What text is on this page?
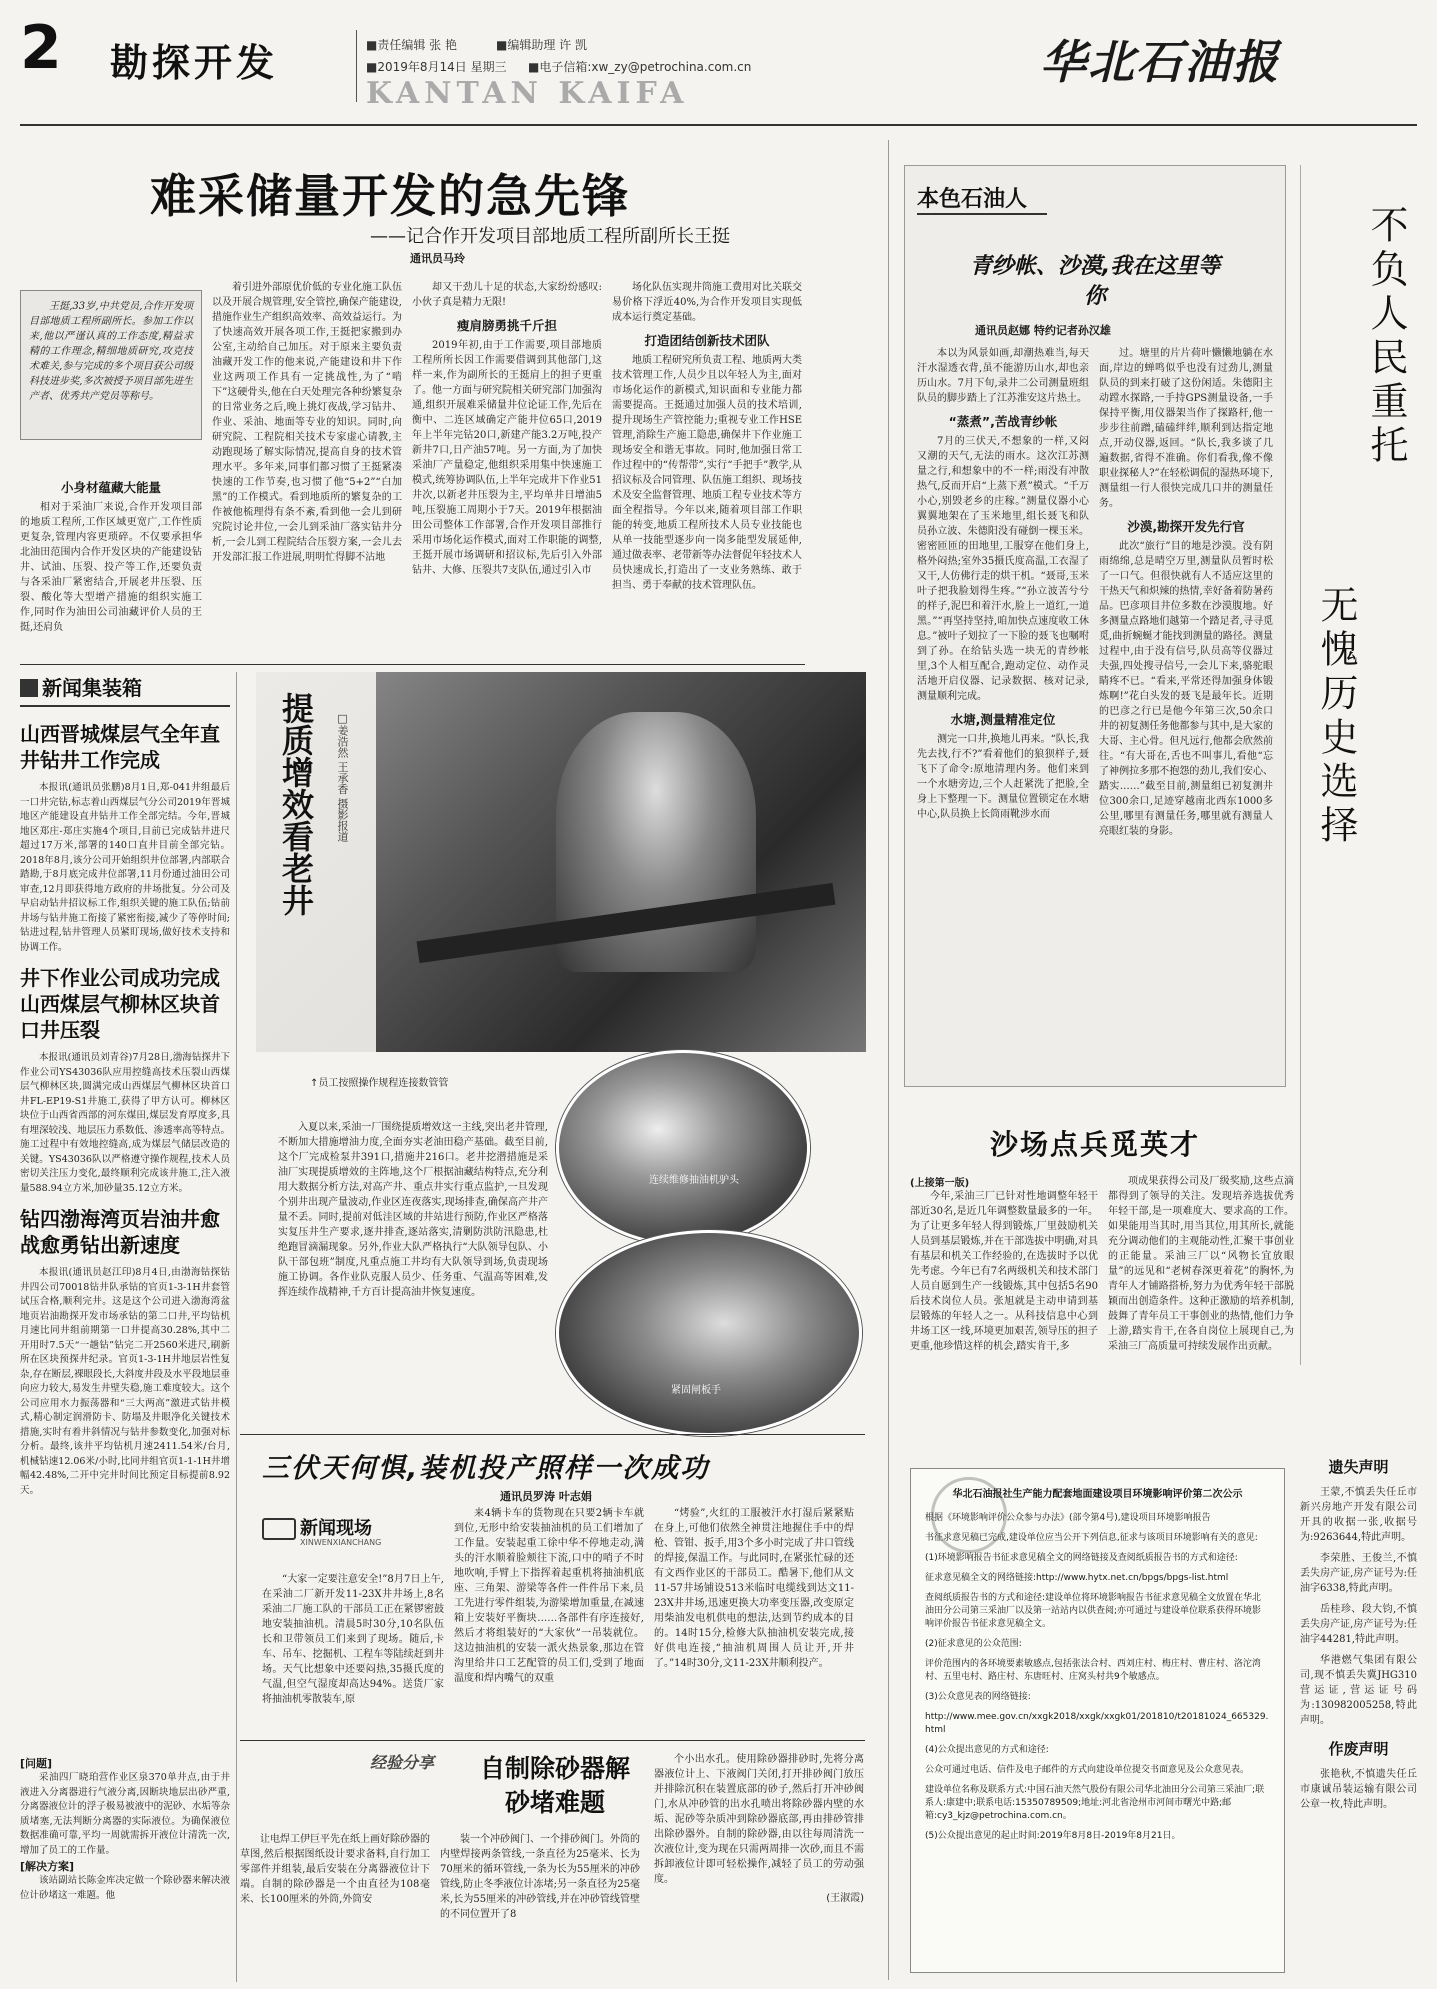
2 勘探开发	■责任编辑 张 艳	■编辑助理 许 凯
■2019年8月14日 星期三 ■电子信箱:xw_zy@petrochina.com.cn
KANTAN KAIFA
华北石油报
难采储量开发的急先锋
——记合作开发项目部地质工程所副所长王挺
通讯员马玲
王挺,33岁,中共党员,合作开发项目部地质工程所副所长。参加工作以来,他以严谨认真的工作态度,精益求精的工作理念,精细地质研究,攻克技术难关,参与完成的多个项目获公司级科技进步奖,多次被授予项目部先进生产者、优秀共产党员等称号。
小身材蕴藏大能量
相对于采油厂来说,合作开发项目部的地质工程所,工作区域更宽广,工作性质更复杂,管理内容更琐碎。不仅要承担华北油田范围内合作开发区块的产能建设钻井、试油、压裂、投产等工作,还要负责与各采油厂紧密结合,开展老井压裂、压裂、酸化等大型增产措施的组织实施工作,同时作为油田公司油藏评价人员的王挺,还肩负
着引进外部原优价低的专业化施工队伍以及开展合规管理,安全管控,确保产能建设,措施作业生产组织高效率、高效益运行。为了快速高效开展各项工作,王挺把家搬到办公室,主动给自己加压。对于原来主要负责油藏开发工作的他来说,产能建设和井下作业这两项工作具有一定挑战性,为了“啃下”这硬骨头,他在白天处理完各种纷繁复杂的日常业务之后,晚上挑灯夜战,学习钻井、作业、采油、地面等专业的知识。同时,向研究院、工程院相关技术专家虚心请教,主动跑现场了解实际情况,提高自身的技术管理水平。多年来,同事们都习惯了王挺紧凑快速的工作节奏,也习惯了他“5+2”“白加黑”的工作模式。看到地质所的繁复杂的工作被他梳理得有条不紊,看到他一会儿到研究院讨论井位,一会儿到采油厂落实钻井分析,一会儿到工程院结合压裂方案,一会儿去开发部汇报工作进展,明明忙得脚不沾地
却又干劲儿十足的状态,大家纷纷感叹:小伙子真是精力无限!
瘦肩膀勇挑千斤担
2019年初,由于工作需要,项目部地质工程所所长因工作需要借调到其他部门,这样一来,作为副所长的王挺肩上的担子更重了。他一方面与研究院相关研究部门加强沟通,组织开展难采储量井位论证工作,先后在衡中、二连区域确定产能井位65口,2019年上半年完钻20口,新建产能3.2万吨,投产新井7口,日产油57吨。另一方面,为了加快采油厂产量稳定,他组织采用集中快速施工模式,统筹协调队伍,上半年完成井下作业51井次,以新老井压裂为主,平均单井日增油5吨,压裂施工周期小于7天。2019年根据油田公司整体工作部署,合作开发项目部推行采用市场化运作模式,面对工作职能的调整,王挺开展市场调研和招议标,先后引入外部钻井、大修、压裂共7支队伍,通过引入市
场化队伍实现井筒施工费用对比关联交易价格下浮近40%,为合作开发项目实现低成本运行奠定基础。
打造团结创新技术团队
地质工程研究所负责工程、地质两大类技术管理工作,人员少且以年轻人为主,面对市场化运作的新模式,知识面和专业能力都需要提高。王挺通过加强人员的技术培训,提升现场生产管控能力;重视专业工作HSE管理,消除生产施工隐患,确保井下作业施工现场安全和谐无事故。同时,他加强日常工作过程中的“传帮带”,实行“手把手”教学,从招议标及合同管理、队伍施工组织、现场技术及安全监督管理、地质工程专业技术等方面全程指导。今年以来,随着项目部工作职能的转变,地质工程所技术人员专业技能也从单一技能型逐步向一岗多能型发展延伸,通过做表率、老带新等办法督促年轻技术人员快速成长,打造出了一支业务熟练、敢于担当、勇于奉献的技术管理队伍。
新闻集装箱
山西晋城煤层气全年直井钻井工作完成
本报讯(通讯员张鹏)8月1日,郑-041井组最后一口井完钻,标志着山西煤层气分公司2019年晋城地区产能建设直井钻井工作全部完结。今年,晋城地区郑庄-郑庄实施4个项目,目前已完成钻井进尺超过17万米,部署的140口直井目前全部完钻。2018年8月,该分公司开始组织井位部署,内部联合踏勘,于8月底完成井位部署,11月份通过油田公司审查,12月即获得地方政府的井场批复。分公司及早启动钻井招议标工作,组织关键的施工队伍;钻前井场与钻井施工衔接了紧密衔接,减少了等停时间;钻进过程,钻井管理人员紧盯现场,做好技术支持和协调工作。
井下作业公司成功完成山西煤层气柳林区块首口井压裂
本报讯(通讯员刘青谷)7月28日,渤海钻探井下作业公司YS43036队应用控缝高技术压裂山西煤层气柳林区块,圆满完成山西煤层气柳林区块首口井FL-EP19-S1井施工,获得了甲方认可。柳林区块位于山西省西部的河东煤田,煤层发育厚度多,具有埋深较浅、地层压力系数低、渗透率高等特点。施工过程中有效地控缝高,成为煤层气储层改造的关键。YS43036队以严格遵守操作规程,技术人员密切关注压力变化,最终顺利完成该井施工,注入液量588.94立方米,加砂量35.12立方米。
钻四渤海湾页岩油井愈战愈勇钻出新速度
本报讯(通讯员赵江印)8月4日,由渤海钻探钻井四公司70018钻井队承钻的官页1-3-1H井套管试压合格,顺利完井。这是这个公司进入渤海湾盆地页岩油勘探开发市场承钻的第二口井,平均钻机月速比同井组前期第一口井提高30.28%,其中二开用时7.5天“一趟钻”钻完二开2560米进尺,刷新所在区块预探井纪录。官页1-3-1H井地层岩性复杂,存在断层,裸眼段长,大斜度井段及水平段地层垂向应力较大,易发生井壁失稳,施工难度较大。这个公司应用水力振荡器和“三大两高”激进式钻井模式,精心制定润滑防卡、防塌及井眼净化关键技术措施,实时有着井斜情况与钻井参数变化,加强对标分析。最终,该井平均钻机月速2411.54米/台月,机械钻速12.06米/小时,比同井组官页1-1-1H井增幅42.48%,二开中完井时间比预定目标提前8.92天。
[问题]
采油四厂晓珀营作业区泉370单井点,由于井液进入分离器进行气液分离,因断块地层出砂严重,分离器液位计的浮子极易被液中的泥砂、水垢等杂质堵塞,无法判断分离器的实际液位。为确保液位数据准确可靠,平均一周就需拆开液位计清洗一次,增加了员工的工作量。
[解决方案]
该站副站长陈金库决定做一个除砂器来解决液位计砂堵这一难题。他
提质增效看老井 □姜浩然 王承香 摄影报道
↑员工按照操作规程连接数管管
连续维修抽油机驴头
紧固闸板手
入夏以来,采油一厂围绕提质增效这一主线,突出老井管理,不断加大措施增油力度,全面夯实老油田稳产基础。截至目前,这个厂完成检泵井391口,措施井216口。老井挖潜措施是采油厂实现提质增效的主阵地,这个厂根据油藏结构特点,充分利用大数据分析方法,对高产井、重点井实行重点监护,一旦发现个别井出现产量波动,作业区连夜落实,现场排查,确保高产井产量不丢。同时,提前对低洼区域的井站进行预防,作业区严格落实复压井生产要求,逐井排查,逐站落实,清剿防洪防汛隐患,杜绝跑冒滴漏现象。另外,作业大队严格执行“大队领导包队、小队干部包班”制度,凡重点施工井均有大队领导到场,负责现场施工协调。各作业队克服人员少、任务重、气温高等困难,发挥连续作战精神,千方百计提高油井恢复速度。
三伏天何惧,装机投产照样一次成功
通讯员罗涛 叶志娟
新闻现场
XINWENXIANCHANG
“大家一定要注意安全!”8月7日上午,在采油二厂新开发11-23X井井场上,8名采油二厂施工队的干部员工正在紧锣密鼓地安装抽油机。清晨5时30分,10名队伍长和卫带领员工们来到了现场。随后,卡车、吊车、挖掘机、工程车等陆续赶到井场。天气比想象中还要闷热,35摄氏度的气温,但空气湿度却高达94%。送货厂家将抽油机零散装车,原
来4辆卡车的货物现在只要2辆卡车就到位,无形中给安装抽油机的员工们增加了工作量。安装起重工徐中华不停地走动,满头的汗水顺着脸颊往下流,口中的哨子不时地吹响,手臂上下指挥着起重机将抽油机底座、三角架、游梁等各件一件件吊下来,员工先进行零件组装,为游梁增加重量,在减速箱上安装好平衡块……各部件有序连接好,然后才将组装好的“大家伙”一吊装就位。这边抽油机的安装一派火热景象,那边在管沟里给井口工艺配管的员工们,受到了地面温度和焊内嘴气的双重
“烤验”,火红的工服被汗水打湿后紧紧贴在身上,可他们依然全神贯注地握住手中的焊枪、管钳、扳手,用3个多小时完成了井口管线的焊接,保温工作。与此同时,在紧张忙碌的还有文西作业区的干部员工。酷暑下,他们从文11-57井场铺设513米临时电缆线到达文11-23X井井场,迅速更换大功率变压器,改变原定用柴油发电机供电的想法,达到节约成本的目的。14时15分,检修大队抽油机安装完成,接好供电连接,“抽油机周围人员让开,开井了。”14时30分,文11-23X井顺利投产。
经验分享	自制除砂器解砂堵难题
让电焊工伊巨平先在纸上画好除砂器的草图,然后根据图纸设计要求备料,自行加工零部件并组装,最后安装在分离器液位计下端。自制的除砂器是一个由直径为108毫米、长100厘米的外筒,外筒安
装一个冲砂阀门、一个排砂阀门。外筒的内壁焊接两条管线,一条直径为25毫米、长为70厘米的循环管线,一条为长为55厘米的冲砂管线,防止冬季液位计冻堵;另一条直径为25毫米,长为55厘米的冲砂管线,并在冲砂管线管壁的不同位置开了8
个小出水孔。使用除砂器排砂时,先将分离器液位计上、下液阀门关闭,打开排砂阀门放压并排除沉积在装置底部的砂子,然后打开冲砂阀门,水从冲砂管的出水孔喷出将除砂器内壁的水垢、泥砂等杂质冲到除砂器底部,再由排砂管排出除砂器外。自制的除砂器,由以往每周清洗一次液位计,变为现在只需两周排一次砂,而且不需拆卸液位计即可轻松操作,减轻了员工的劳动强度。
(王淑霞)
本色石油人
青纱帐、沙漠,我在这里等你
通讯员赵娜 特约记者孙汉雄
本以为风景如画,却潮热难当,每天汗水湿透衣背,虽不能游历山水,却也亲历山水。7月下旬,录井二公司测量班组队员的脚步踏上了江苏淮安这片热土。
“蒸煮”,苦战青纱帐
7月的三伏天,不想象的一样,又闷又潮的天气,无法的雨水。这次江苏测量之行,和想象中的不一样;雨没有冲散热气,反而开启“上蒸下煮”模式。“千万小心,别毁老乡的庄稼。”测量仪器小心翼翼地架在了玉米地里,组长聂飞和队员孙立波、朱德阳没有碰倒一棵玉米。密密匝匝的田地里,工服穿在他们身上,格外闷热;室外35摄氏度高温,工衣湿了又干,人仿佛行走的烘干机。“聂哥,玉米叶子把我脸划得生疼。”“孙立波苦兮兮的样子,泥巴和着汗水,脸上一道红,一道黑。”“再坚持坚持,咱加快点速度收工休息。”被叶子划拉了一下脸的聂飞也嘱咐到了孙。在给钻头选一块无的青纱帐里,3个人相互配合,跑动定位、动作灵活地开启仪器、记录数据、核对记录,测量顺利完成。
水塘,测量精准定位
测完一口井,换地儿再来。“队长,我先去找,行不?”看着他们的狼狈样子,聂飞下了命令:原地清理内务。他们来到一个水塘旁边,三个人赶紧洗了把脸,全身上下整理一下。测量位置锁定在水塘中心,队员换上长筒雨靴涉水而
过。塘里的片片荷叶懒懒地躺在水面,岸边的蝉鸣似乎也没有过劲儿,测量队员的到来打破了这份闲适。朱德阳主动蹚水探路,一手持GPS测量设备,一手保持平衡,用仪器架当作了探路杆,他一步步往前蹭,磕磕绊绊,顺利到达指定地点,开动仪器,返回。“队长,我多谈了几遍数据,省得不准确。你们看我,像不像职业探秘人?”在轻松调侃的湿热环境下,测量组一行人很快完成几口井的测量任务。
沙漠,勘探开发先行官
此次“旅行”目的地是沙漠。没有阴雨绵绵,总是晴空万里,测量队员暂时松了一口气。但很快就有人不适应这里的干热天气和炽辣的热情,幸好备着防暑药品。巴彦项目井位多数在沙漠腹地。好多测量点路地们越第一个踏足者,寻寻觅觅,曲折蜿蜒才能找到测量的路径。测量过程中,由于没有信号,队员高等仪器过夫强,四处搜寻信号,一会儿下来,骆驼眼睛疼不已。“看来,平常还得加强身体锻炼啊!”花白头发的聂飞是最年长。近期的巴彦之行已是他今年第三次,50余口井的初复测任务他都参与其中,是大家的大哥、主心骨。但凡远行,他都会欣然前往。“有大哥在,舌也不叫事儿,看他“忘了神例拉多那不抱怨的劲儿,我们安心、踏实……”截至目前,测量组已初复测井位300余口,足迹穿越南北西东1000多公里,哪里有测量任务,哪里就有测量人亮眼红装的身影。
不负人民重托
无愧历史选择
沙场点兵觅英才
(上接第一版)
今年,采油三厂已针对性地调整年轻干部近30名,是近几年调整数量最多的一年。为了让更多年轻人得到锻炼,厂里鼓励机关人员到基层锻炼,并在干部选拔中明确,对具有基层和机关工作经验的,在选拔时予以优先考虑。今年已有7名两级机关和技术部门人员自愿到生产一线锻炼,其中包括5名90后技术岗位人员。张旭就是主动申请到基层锻炼的年轻人之一。从科技信息中心到井场工区一线,环境更加艰苦,领导压的担子更重,他珍惜这样的机会,踏实肯干,多
项成果获得公司及厂级奖励,这些点滴都得到了领导的关注。发现培养选拔优秀年轻干部,是一项难度大、要求高的工作。如果能用当其时,用当其位,用其所长,就能充分调动他们的主观能动性,汇聚干事创业的正能量。采油三厂以“风物长宜放眼量”的远见和“老树春深更着花”的胸怀,为青年人才铺路搭桥,努力为优秀年轻干部脱颖而出创造条件。这种正激励的培养机制,鼓舞了青年员工干事创业的热情,他们力争上游,踏实肯干,在各自岗位上展现自己,为采油三厂高质量可持续发展作出贡献。
华北石油报社生产能力配套地面建设项目环境影响评价第二次公示

根据《环境影响评价公众参与办法》(部令第4号),建设项目环境影响报告

书征求意见稿已完成,建设单位应当公开下列信息,征求与该项目环境影响有关的意见:

(1)环境影响报告书征求意见稿全文的网络链接及查阅纸质报告书的方式和途径:

征求意见稿全文的网络链接:http://www.hytx.net.cn/bpgs/bpgs-list.html

查阅纸质报告书的方式和途径:建设单位将环境影响报告书征求意见稿全文放置在华北油田分公司第三采油厂以及第一站站内以供查阅;亦可通过与建设单位联系获得环境影响评价报告书征求意见稿全文。

(2)征求意见的公众范围:

评价范围内的各环境要素敏感点,包括张法合村、西刘庄村、梅庄村、曹庄村、洛沱湾村、五里屯村、路庄村、东唐旺村、庄窝头村共9个敏感点。

(3)公众意见表的网络链接:

http://www.mee.gov.cn/xxgk2018/xxgk/xxgk01/201810/t20181024_665329.html

(4)公众提出意见的方式和途径:

公众可通过电话、信件及电子邮件的方式向建设单位提交书面意见及公众意见表。

建设单位名称及联系方式:中国石油天然气股份有限公司华北油田分公司第三采油厂;联系人:康建中;联系电话:15350789509;地址:河北省沧州市河间市曙光中路;邮箱:cy3_kjz@petrochina.com.cn。

(5)公众提出意见的起止时间:2019年8月8日-2019年8月21日。

遗失声明
王蒙,不慎丢失任丘市新兴房地产开发有限公司开具的收据一张,收据号为:9263644,特此声明。
李荣胜、王俊兰,不慎丢失房产证,房产证号为:任油字6338,特此声明。
岳桂珍、段大钧,不慎丢失房产证,房产证号为:任油字44281,特此声明。
华港燃气集团有限公司,现不慎丢失冀JHG310营运证,营运证号码为:130982005258,特此声明。
作废声明
张艳秋,不慎遗失任丘市康诚吊装运输有限公司公章一枚,特此声明。
